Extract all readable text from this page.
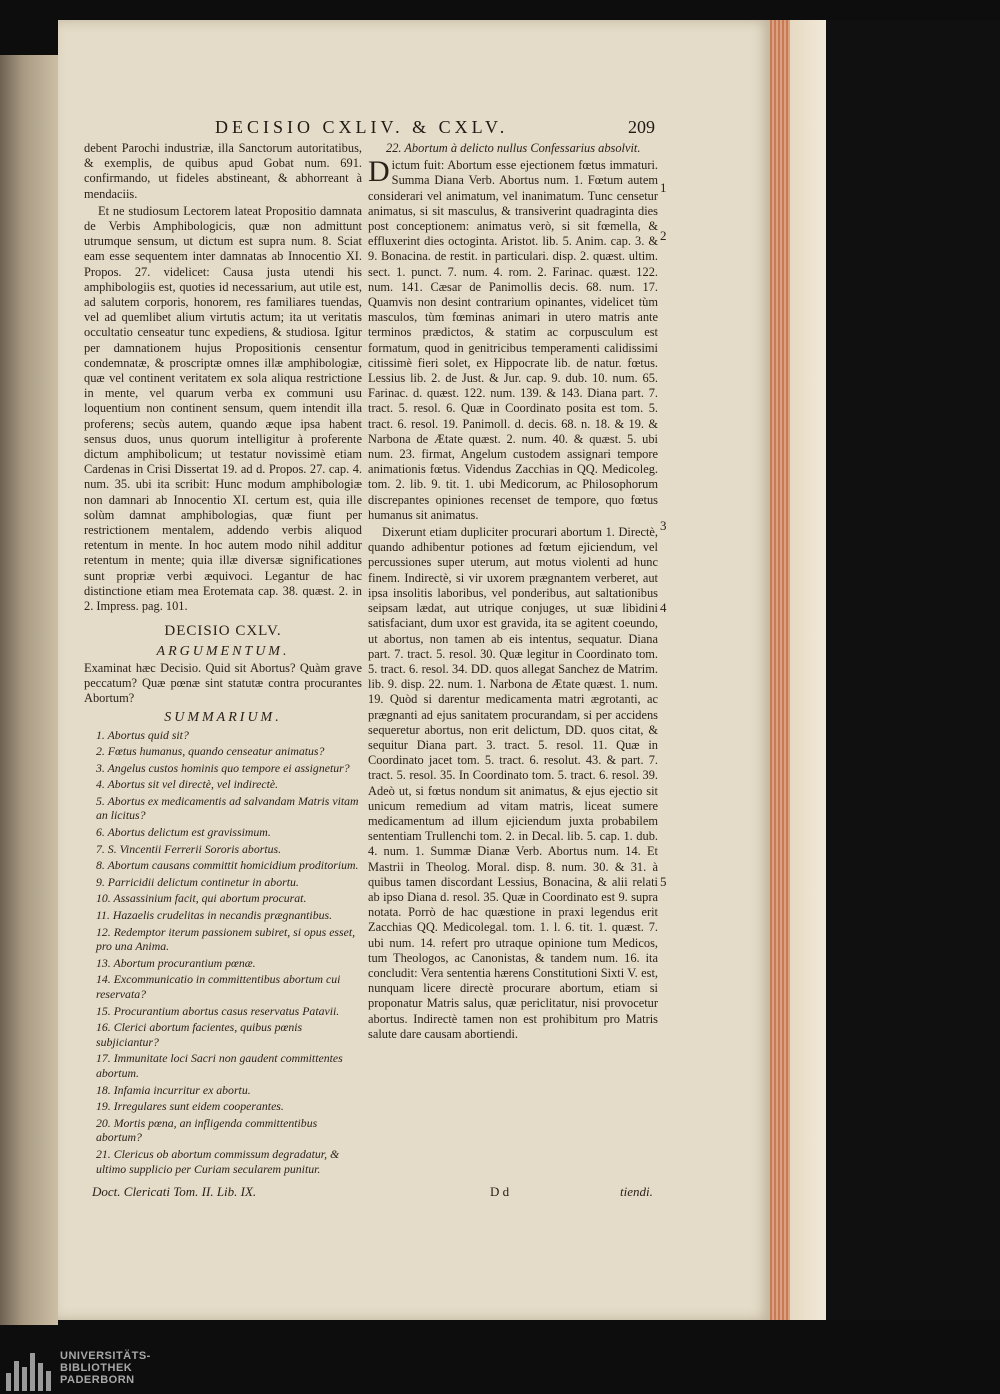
DECISIO CXLIV. & CXLV.	209

debent Parochi industriæ, illa Sanctorum autoritatibus, & exemplis, de quibus apud Gobat num. 691. confirmando, ut fideles abstineant, & abhorreant à mendaciis.

Et ne studiosum Lectorem lateat Propositio damnata de Verbis Amphibologicis, quæ non admittunt utrumque sensum, ut dictum est supra num. 8. Sciat eam esse sequentem inter damnatas ab Innocentio XI. Propos. 27. videlicet: Causa justa utendi his amphibologiis est, quoties id necessarium, aut utile est, ad salutem corporis, honorem, res familiares tuendas, vel ad quemlibet alium virtutis actum; ita ut veritatis occultatio censeatur tunc expediens, & studiosa. Igitur per damnationem hujus Propositionis censentur condemnatæ, & proscriptæ omnes illæ amphibologiæ, quæ vel continent veritatem ex sola aliqua restrictione in mente, vel quarum verba ex communi usu loquentium non continent sensum, quem intendit illa proferens; secùs autem, quando æque ipsa habent sensus duos, unus quorum intelligitur à proferente dictum amphibolicum; ut testatur novissimè etiam Cardenas in Crisi Dissertat 19. ad d. Propos. 27. cap. 4. num. 35. ubi ita scribit: Hunc modum amphibologiæ non damnari ab Innocentio XI. certum est, quia ille solùm damnat amphibologias, quæ fiunt per restrictionem mentalem, addendo verbis aliquod retentum in mente. In hoc autem modo nihil additur retentum in mente; quia illæ diversæ significationes sunt propriæ verbi æquivoci. Legantur de hac distinctione etiam mea Erotemata cap. 38. quæst. 2. in 2. Impress. pag. 101.

DECISIO CXLV.
ARGUMENTUM.

Examinat hæc Decisio. Quid sit Abortus? Quàm grave peccatum? Quæ pœnæ sint statutæ contra procurantes Abortum?

SUMMARIUM.
1. Abortus quid sit?
2. Fœtus humanus, quando censeatur animatus?
3. Angelus custos hominis quo tempore ei assignetur?
4. Abortus sit vel directè, vel indirectè.
5. Abortus ex medicamentis ad salvandam Matris vitam an licitus?
6. Abortus delictum est gravissimum.
7. S. Vincentii Ferrerii Sororis abortus.
8. Abortum causans committit homicidium proditorium.
9. Parricidii delictum continetur in abortu.
10. Assassinium facit, qui abortum procurat.
11. Hazaelis crudelitas in necandis prægnantibus.
12. Redemptor iterum passionem subiret, si opus esset, pro una Anima.
13. Abortum procurantium pœnæ.
14. Excommunicatio in committentibus abortum cui reservata?
15. Procurantium abortus casus reservatus Patavii.
16. Clerici abortum facientes, quibus pœnis subjiciantur?
17. Immunitate loci Sacri non gaudent committentes abortum.
18. Infamia incurritur ex abortu.
19. Irregulares sunt eidem cooperantes.
20. Mortis pœna, an infligenda committentibus abortum?
21. Clericus ob abortum commissum degradatur, & ultimo supplicio per Curiam secularem punitur.

22. Abortum à delicto nullus Confessarius absolvit.

Dictum fuit: Abortum esse ejectionem fœtus immaturi. Summa Diana Verb. Abortus num. 1. Fœtum autem considerari vel animatum, vel inanimatum. Tunc censetur animatus, si sit masculus, & transiverint quadraginta dies post conceptionem: animatus verò, si sit fœmella, & effluxerint dies octoginta. Aristot. lib. 5. Anim. cap. 3. & 9. Bonacina. de restit. in particulari. disp. 2. quæst. ultim. sect. 1. punct. 7. num. 4. rom. 2. Farinac. quæst. 122. num. 141. Cæsar de Panimollis decis. 68. num. 17. Quamvis non desint contrarium opinantes, videlicet tùm masculos, tùm fœminas animari in utero matris ante terminos prædictos, & statim ac corpusculum est formatum, quod in genitricibus temperamenti calidissimi citissimè fieri solet, ex Hippocrate lib. de natur. fœtus. Lessius lib. 2. de Just. & Jur. cap. 9. dub. 10. num. 65. Farinac. d. quæst. 122. num. 139. & 143. Diana part. 7. tract. 5. resol. 6. Quæ in Coordinato posita est tom. 5. tract. 6. resol. 19. Panimoll. d. decis. 68. n. 18. & 19. & Narbona de Ætate quæst. 2. num. 40. & quæst. 5. ubi num. 23. firmat, Angelum custodem assignari tempore animationis fœtus. Videndus Zacchias in QQ. Medicoleg. tom. 2. lib. 9. tit. 1. ubi Medicorum, ac Philosophorum discrepantes opiniones recenset de tempore, quo fœtus humanus sit animatus.

Dixerunt etiam dupliciter procurari abortum 1. Directè, quando adhibentur potiones ad fœtum ejiciendum, vel percussiones super uterum, aut motus violenti ad hunc finem. Indirectè, si vir uxorem prægnantem verberet, aut ipsa insolitis laboribus, vel ponderibus, aut saltationibus seipsam lædat, aut utrique conjuges, ut suæ libidini satisfaciant, dum uxor est gravida, ita se agitent coeundo, ut abortus, non tamen ab eis intentus, sequatur. Diana part. 7. tract. 5. resol. 30. Quæ legitur in Coordinato tom. 5. tract. 6. resol. 34. DD. quos allegat Sanchez de Matrim. lib. 9. disp. 22. num. 1. Narbona de Ætate quæst. 1. num. 19. Quòd si darentur medicamenta matri ægrotanti, ac prægnanti ad ejus sanitatem procurandam, si per accidens sequeretur abortus, non erit delictum, DD. quos citat, & sequitur Diana part. 3. tract. 5. resol. 11. Quæ in Coordinato jacet tom. 5. tract. 6. resolut. 43. & part. 7. tract. 5. resol. 35. In Coordinato tom. 5. tract. 6. resol. 39. Adeò ut, si fœtus nondum sit animatus, & ejus ejectio sit unicum remedium ad vitam matris, liceat sumere medicamentum ad illum ejiciendum juxta probabilem sententiam Trullenchi tom. 2. in Decal. lib. 5. cap. 1. dub. 4. num. 1. Summæ Dianæ Verb. Abortus num. 14. Et Mastrii in Theolog. Moral. disp. 8. num. 30. & 31. à quibus tamen discordant Lessius, Bonacina, & alii relati ab ipso Diana d. resol. 35. Quæ in Coordinato est 9. supra notata. Porrò de hac quæstione in praxi legendus erit Zacchias QQ. Medicolegal. tom. 1. l. 6. tit. 1. quæst. 7. ubi num. 14. refert pro utraque opinione tum Medicos, tum Theologos, ac Canonistas, & tandem num. 16. ita concludit: Vera sententia hærens Constitutioni Sixti V. est, nunquam licere directè procurare abortum, etiam si proponatur Matris salus, quæ periclitatur, nisi provocetur abortus. Indirectè tamen non est prohibitum pro Matris salute dare causam abortiendi.

1
2
3
4
5
Doct. Clericati Tom. II. Lib. IX.	D d	tiendi.
UNIVERSITÄTS-
BIBLIOTHEK
PADERBORN
